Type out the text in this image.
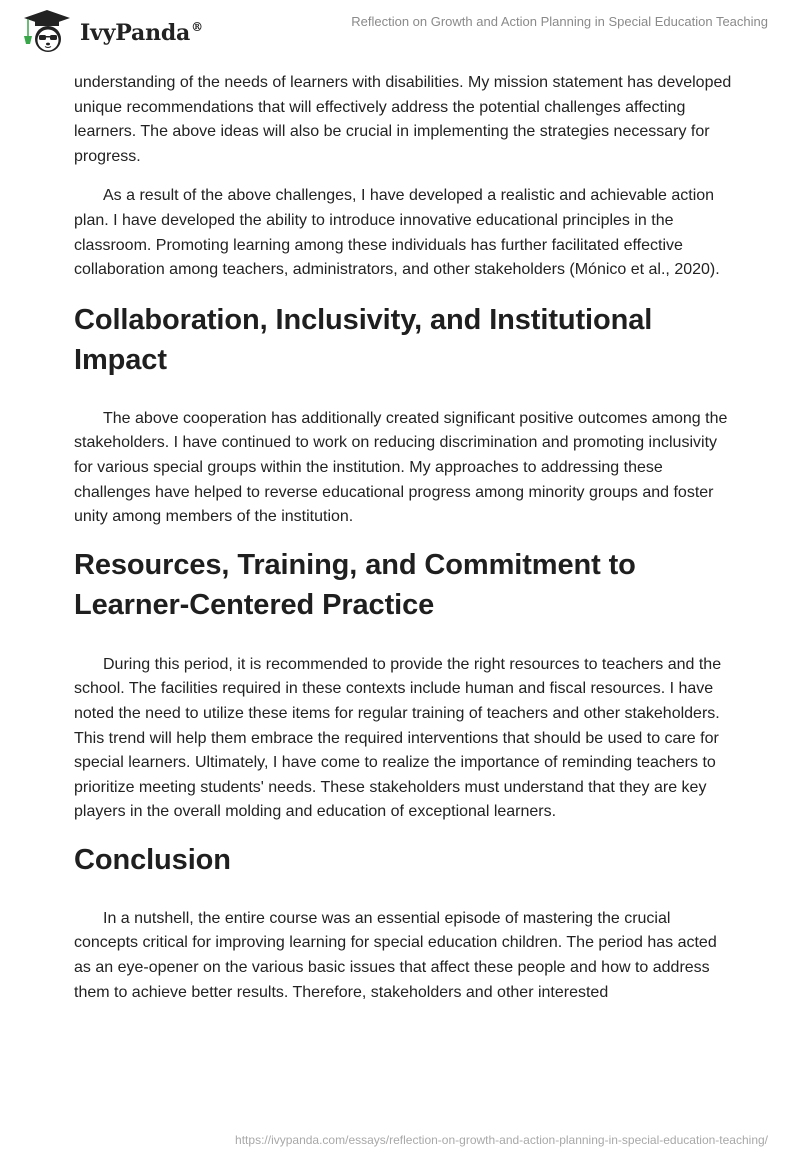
IvyPanda®	Reflection on Growth and Action Planning in Special Education Teaching

understanding of the needs of learners with disabilities. My mission statement has developed unique recommendations that will effectively address the potential challenges affecting learners. The above ideas will also be crucial in implementing the strategies necessary for progress.

As a result of the above challenges, I have developed a realistic and achievable action plan. I have developed the ability to introduce innovative educational principles in the classroom. Promoting learning among these individuals has further facilitated effective collaboration among teachers, administrators, and other stakeholders (Mónico et al., 2020).

Collaboration, Inclusivity, and Institutional Impact

The above cooperation has additionally created significant positive outcomes among the stakeholders. I have continued to work on reducing discrimination and promoting inclusivity for various special groups within the institution. My approaches to addressing these challenges have helped to reverse educational progress among minority groups and foster unity among members of the institution.

Resources, Training, and Commitment to Learner-Centered Practice

During this period, it is recommended to provide the right resources to teachers and the school. The facilities required in these contexts include human and fiscal resources. I have noted the need to utilize these items for regular training of teachers and other stakeholders. This trend will help them embrace the required interventions that should be used to care for special learners. Ultimately, I have come to realize the importance of reminding teachers to prioritize meeting students' needs. These stakeholders must understand that they are key players in the overall molding and education of exceptional learners.

Conclusion

In a nutshell, the entire course was an essential episode of mastering the crucial concepts critical for improving learning for special education children. The period has acted as an eye-opener on the various basic issues that affect these people and how to address them to achieve better results. Therefore, stakeholders and other interested

https://ivypanda.com/essays/reflection-on-growth-and-action-planning-in-special-education-teaching/
